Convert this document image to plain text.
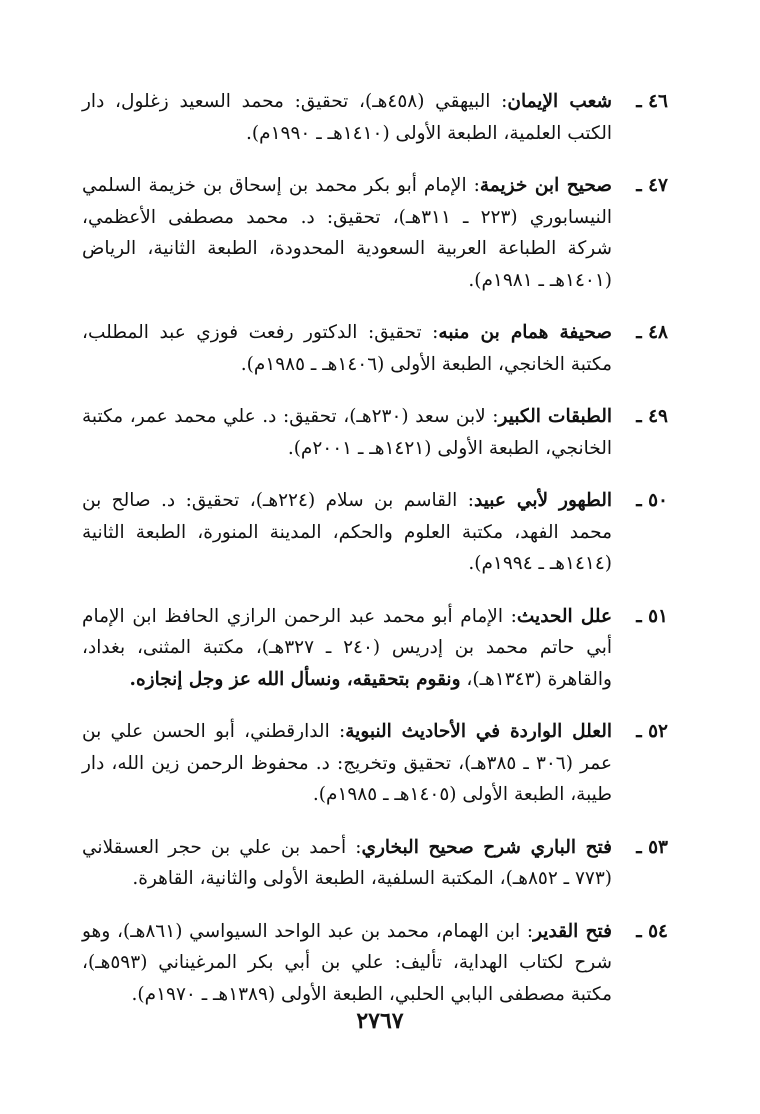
٤٦ ـ
شعب الإيمان: البيهقي (٤٥٨هـ)، تحقيق: محمد السعيد زغلول، دار الكتب العلمية، الطبعة الأولى (١٤١٠هـ ـ ١٩٩٠م).
٤٧ ـ
صحيح ابن خزيمة: الإمام أبو بكر محمد بن إسحاق بن خزيمة السلمي النيسابوري (٢٢٣ ـ ٣١١هـ)، تحقيق: د. محمد مصطفى الأعظمي، شركة الطباعة العربية السعودية المحدودة، الطبعة الثانية، الرياض (١٤٠١هـ ـ ١٩٨١م).
٤٨ ـ
صحيفة همام بن منبه: تحقيق: الدكتور رفعت فوزي عبد المطلب، مكتبة الخانجي، الطبعة الأولى (١٤٠٦هـ ـ ١٩٨٥م).
٤٩ ـ
الطبقات الكبير: لابن سعد (٢٣٠هـ)، تحقيق: د. علي محمد عمر، مكتبة الخانجي، الطبعة الأولى (١٤٢١هـ ـ ٢٠٠١م).
٥٠ ـ
الطهور لأبي عبيد: القاسم بن سلام (٢٢٤هـ)، تحقيق: د. صالح بن محمد الفهد، مكتبة العلوم والحكم، المدينة المنورة، الطبعة الثانية (١٤١٤هـ ـ ١٩٩٤م).
٥١ ـ
علل الحديث: الإمام أبو محمد عبد الرحمن الرازي الحافظ ابن الإمام أبي حاتم محمد بن إدريس (٢٤٠ ـ ٣٢٧هـ)، مكتبة المثنى، بغداد، والقاهرة (١٣٤٣هـ)، ونقوم بتحقيقه، ونسأل الله عز وجل إنجازه.
٥٢ ـ
العلل الواردة في الأحاديث النبوية: الدارقطني، أبو الحسن علي بن عمر (٣٠٦ ـ ٣٨٥هـ)، تحقيق وتخريج: د. محفوظ الرحمن زين الله، دار طيبة، الطبعة الأولى (١٤٠٥هـ ـ ١٩٨٥م).
٥٣ ـ
فتح الباري شرح صحيح البخاري: أحمد بن علي بن حجر العسقلاني (٧٧٣ ـ ٨٥٢هـ)، المكتبة السلفية، الطبعة الأولى والثانية، القاهرة.
٥٤ ـ
فتح القدير: ابن الهمام، محمد بن عبد الواحد السيواسي (٨٦١هـ)، وهو شرح لكتاب الهداية، تأليف: علي بن أبي بكر المرغيناني (٥٩٣هـ)، مكتبة مصطفى البابي الحلبي، الطبعة الأولى (١٣٨٩هـ ـ ١٩٧٠م).
٢٧٦٧
